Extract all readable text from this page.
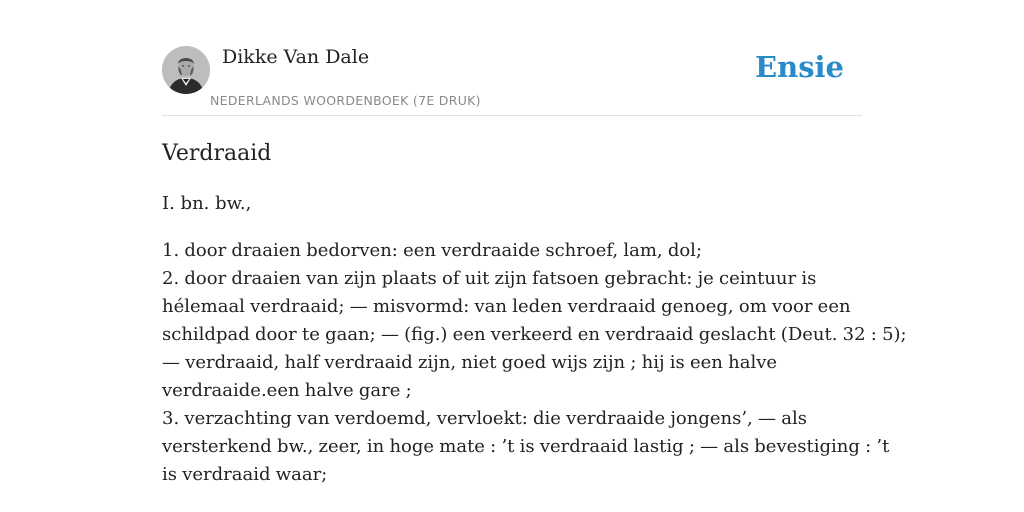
Dikke Van Dale
NEDERLANDS WOORDENBOEK (7E DRUK)
Ensie
Verdraaid
I. bn. bw.,
1. door draaien bedorven: een verdraaide schroef, lam, dol;
2. door draaien van zijn plaats of uit zijn fatsoen gebracht: je ceintuur is
hélemaal verdraaid; — misvormd: van leden verdraaid genoeg, om voor een
schildpad door te gaan; — (fig.) een verkeerd en verdraaid geslacht (Deut. 32 : 5);
— verdraaid, half verdraaid zijn, niet goed wijs zijn ; hij is een halve
verdraaide.een halve gare ;
3. verzachting van verdoemd, vervloekt: die verdraaide jongens’, — als
versterkend bw., zeer, in hoge mate : ’t is verdraaid lastig ; — als bevestiging : ’t
is verdraaid waar;
